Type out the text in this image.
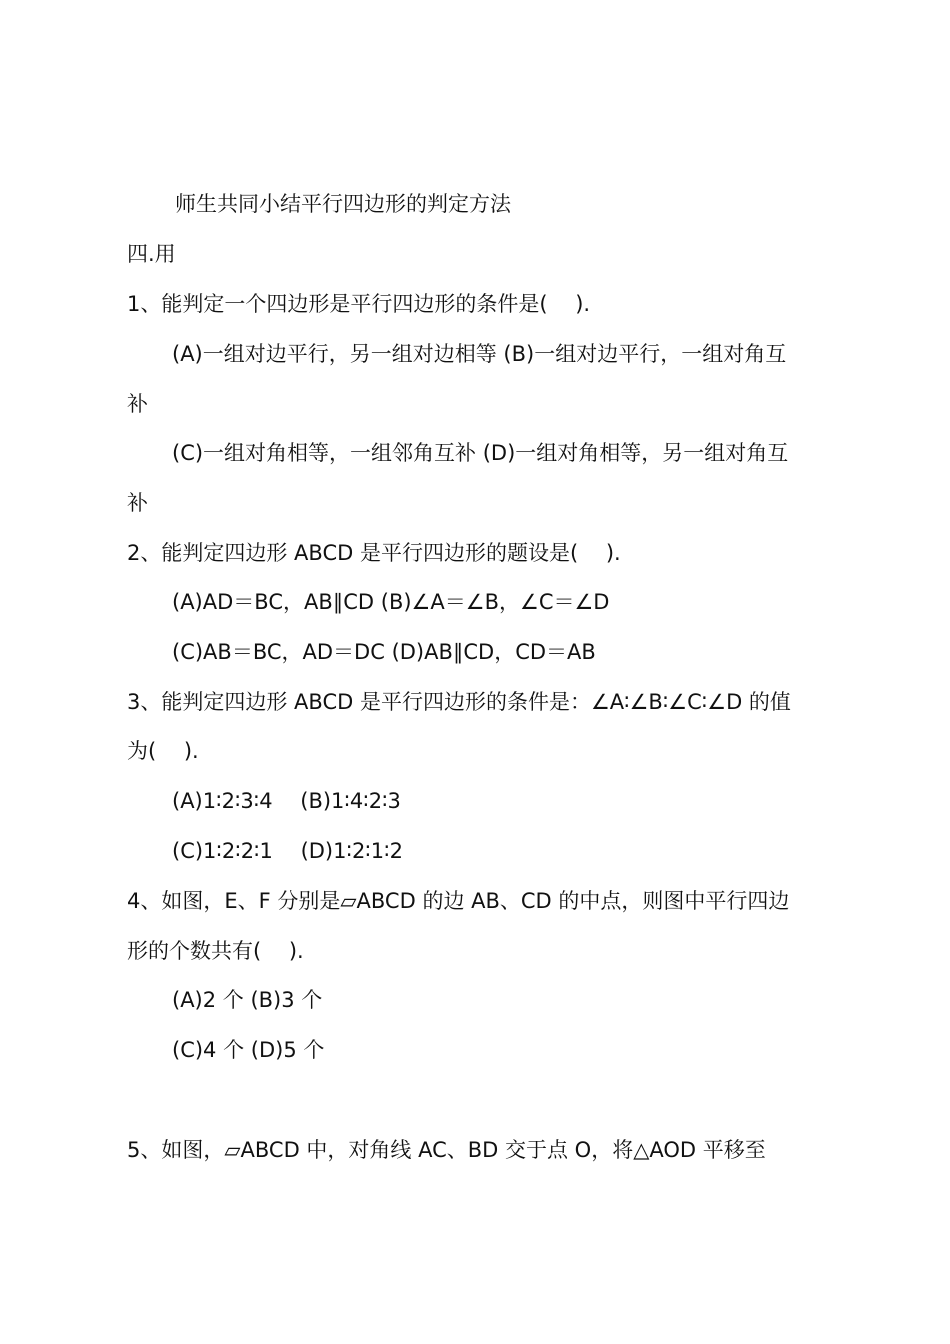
师生共同小结平行四边形的判定方法
四.用
1、能判定一个四边形是平行四边形的条件是(　 ).
(A)一组对边平行，另一组对边相等 (B)一组对边平行，一组对角互
补
(C)一组对角相等，一组邻角互补 (D)一组对角相等，另一组对角互
补
2、能判定四边形 ABCD 是平行四边形的题设是(　 ).
(A)AD＝BC，AB∥CD (B)∠A＝∠B，∠C＝∠D
(C)AB＝BC，AD＝DC (D)AB∥CD，CD＝AB
3、能判定四边形 ABCD 是平行四边形的条件是：∠A∶∠B∶∠C∶∠D 的值
为(　 ).
(A)1∶2∶3∶4　 (B)1∶4∶2∶3
(C)1∶2∶2∶1　 (D)1∶2∶1∶2
4、如图，E、F 分别是▱ABCD 的边 AB、CD 的中点，则图中平行四边
形的个数共有(　 ).
(A)2 个 (B)3 个
(C)4 个 (D)5 个
5、如图，▱ABCD 中，对角线 AC、BD 交于点 O，将△AOD 平移至
